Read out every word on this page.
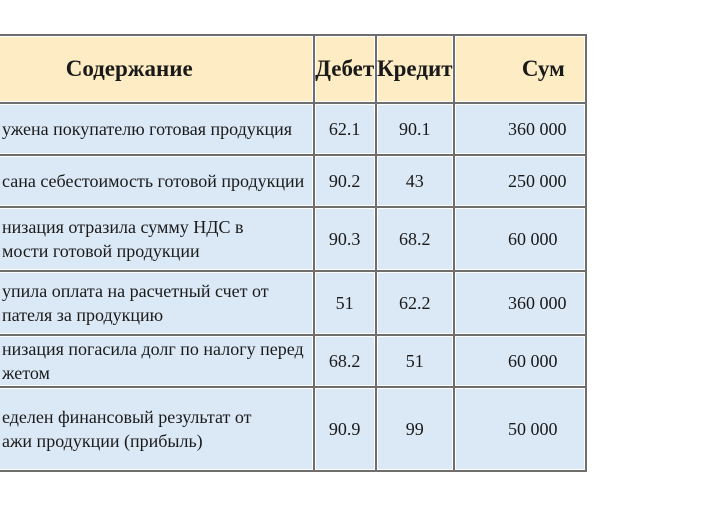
Содержание	Дебет	Кредит	Сум

ужена покупателю готовая продукция	62.1	90.1	360 000

сана себестоимость готовой продукции	90.2	43	250 000

низация отразила сумму НДС в
мости готовой продукции	90.3	68.2	60 000

упила оплата на расчетный счет от
пателя за продукцию	51	62.2	360 000

низация погасила долг по налогу перед
жетом	68.2	51	60 000

еделен финансовый результат от
ажи продукции (прибыль)	90.9	99	50 000
